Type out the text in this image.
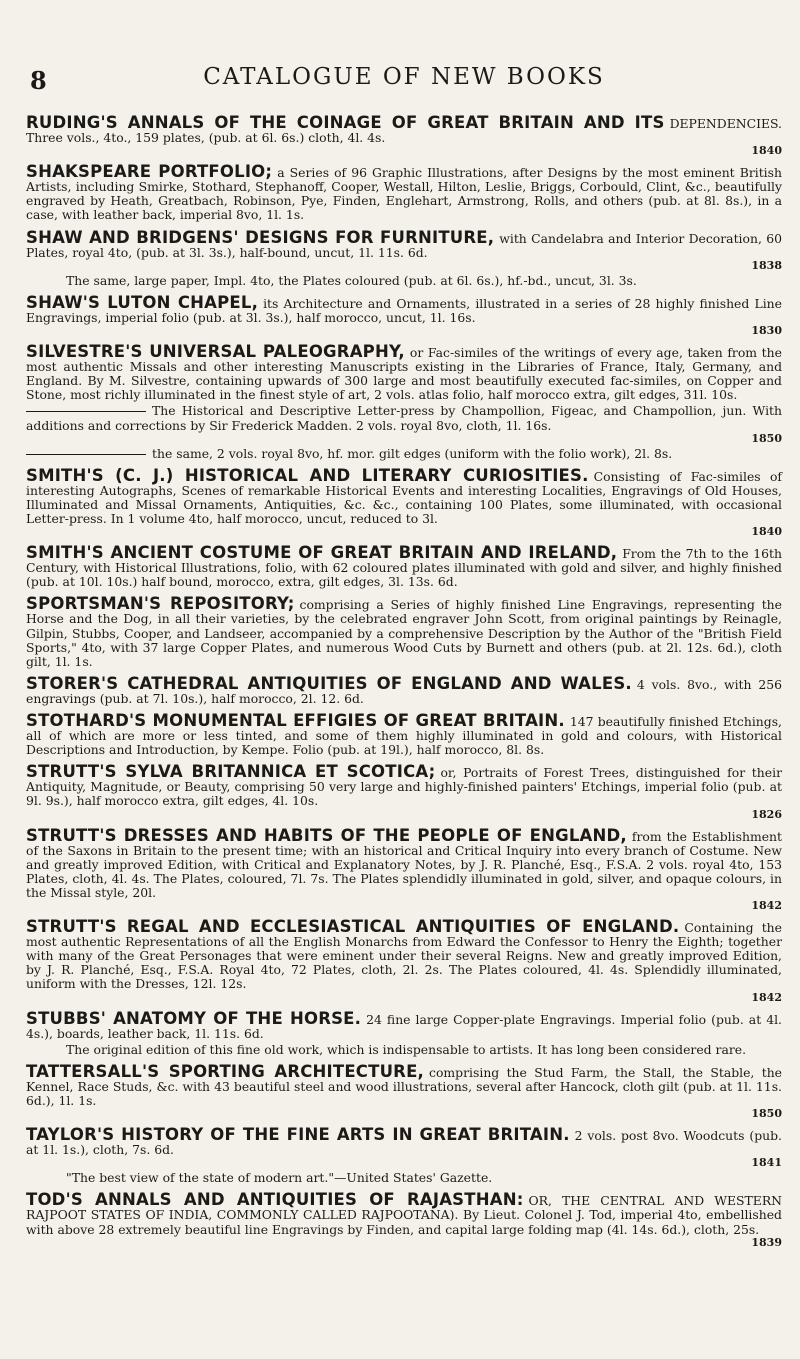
8	CATALOGUE OF NEW BOOKS

RUDING'S ANNALS OF THE COINAGE OF GREAT BRITAIN AND ITS DEPENDENCIES. Three vols., 4to., 159 plates, (pub. at 6l. 6s.) cloth, 4l. 4s.
1840

SHAKSPEARE PORTFOLIO; a Series of 96 Graphic Illustrations, after Designs by the most eminent British Artists, including Smirke, Stothard, Stephanoff, Cooper, Westall, Hilton, Leslie, Briggs, Corbould, Clint, &c., beautifully engraved by Heath, Greatbach, Robinson, Pye, Finden, Englehart, Armstrong, Rolls, and others (pub. at 8l. 8s.), in a case, with leather back, imperial 8vo, 1l. 1s.

SHAW AND BRIDGENS' DESIGNS FOR FURNITURE, with Candelabra and Interior Decoration, 60 Plates, royal 4to, (pub. at 3l. 3s.), half-bound, uncut, 1l. 11s. 6d.
1838

The same, large paper, Impl. 4to, the Plates coloured (pub. at 6l. 6s.), hf.-bd., uncut, 3l. 3s.

SHAW'S LUTON CHAPEL, its Architecture and Ornaments, illustrated in a series of 28 highly finished Line Engravings, imperial folio (pub. at 3l. 3s.), half morocco, uncut, 1l. 16s.
1830

SILVESTRE'S UNIVERSAL PALEOGRAPHY, or Fac-similes of the writings of every age, taken from the most authentic Missals and other interesting Manuscripts existing in the Libraries of France, Italy, Germany, and England. By M. Silvestre, containing upwards of 300 large and most beautifully executed fac-similes, on Copper and Stone, most richly illuminated in the finest style of art, 2 vols. atlas folio, half morocco extra, gilt edges, 31l. 10s.

The Historical and Descriptive Letter-press by Champollion, Figeac, and Champollion, jun. With additions and corrections by Sir Frederick Madden. 2 vols. royal 8vo, cloth, 1l. 16s.
1850

the same, 2 vols. royal 8vo, hf. mor. gilt edges (uniform with the folio work), 2l. 8s.

SMITH'S (C. J.) HISTORICAL AND LITERARY CURIOSITIES. Consisting of Fac-similes of interesting Autographs, Scenes of remarkable Historical Events and interesting Localities, Engravings of Old Houses, Illuminated and Missal Ornaments, Antiquities, &c. &c., containing 100 Plates, some illuminated, with occasional Letter-press. In 1 volume 4to, half morocco, uncut, reduced to 3l.
1840

SMITH'S ANCIENT COSTUME OF GREAT BRITAIN AND IRELAND, From the 7th to the 16th Century, with Historical Illustrations, folio, with 62 coloured plates illuminated with gold and silver, and highly finished (pub. at 10l. 10s.) half bound, morocco, extra, gilt edges, 3l. 13s. 6d.

SPORTSMAN'S REPOSITORY; comprising a Series of highly finished Line Engravings, representing the Horse and the Dog, in all their varieties, by the celebrated engraver John Scott, from original paintings by Reinagle, Gilpin, Stubbs, Cooper, and Landseer, accompanied by a comprehensive Description by the Author of the "British Field Sports," 4to, with 37 large Copper Plates, and numerous Wood Cuts by Burnett and others (pub. at 2l. 12s. 6d.), cloth gilt, 1l. 1s.

STORER'S CATHEDRAL ANTIQUITIES OF ENGLAND AND WALES. 4 vols. 8vo., with 256 engravings (pub. at 7l. 10s.), half morocco, 2l. 12. 6d.

STOTHARD'S MONUMENTAL EFFIGIES OF GREAT BRITAIN. 147 beautifully finished Etchings, all of which are more or less tinted, and some of them highly illuminated in gold and colours, with Historical Descriptions and Introduction, by Kempe. Folio (pub. at 19l.), half morocco, 8l. 8s.

STRUTT'S SYLVA BRITANNICA ET SCOTICA; or, Portraits of Forest Trees, distinguished for their Antiquity, Magnitude, or Beauty, comprising 50 very large and highly-finished painters' Etchings, imperial folio (pub. at 9l. 9s.), half morocco extra, gilt edges, 4l. 10s.
1826

STRUTT'S DRESSES AND HABITS OF THE PEOPLE OF ENGLAND, from the Establishment of the Saxons in Britain to the present time; with an historical and Critical Inquiry into every branch of Costume. New and greatly improved Edition, with Critical and Explanatory Notes, by J. R. Planché, Esq., F.S.A. 2 vols. royal 4to, 153 Plates, cloth, 4l. 4s. The Plates, coloured, 7l. 7s. The Plates splendidly illuminated in gold, silver, and opaque colours, in the Missal style, 20l.
1842

STRUTT'S REGAL AND ECCLESIASTICAL ANTIQUITIES OF ENGLAND. Containing the most authentic Representations of all the English Monarchs from Edward the Confessor to Henry the Eighth; together with many of the Great Personages that were eminent under their several Reigns. New and greatly improved Edition, by J. R. Planché, Esq., F.S.A. Royal 4to, 72 Plates, cloth, 2l. 2s. The Plates coloured, 4l. 4s. Splendidly illuminated, uniform with the Dresses, 12l. 12s.
1842

STUBBS' ANATOMY OF THE HORSE. 24 fine large Copper-plate Engravings. Imperial folio (pub. at 4l. 4s.), boards, leather back, 1l. 11s. 6d.

The original edition of this fine old work, which is indispensable to artists. It has long been considered rare.

TATTERSALL'S SPORTING ARCHITECTURE, comprising the Stud Farm, the Stall, the Stable, the Kennel, Race Studs, &c. with 43 beautiful steel and wood illustrations, several after Hancock, cloth gilt (pub. at 1l. 11s. 6d.), 1l. 1s.
1850

TAYLOR'S HISTORY OF THE FINE ARTS IN GREAT BRITAIN. 2 vols. post 8vo. Woodcuts (pub. at 1l. 1s.), cloth, 7s. 6d.
1841

"The best view of the state of modern art."—United States' Gazette.

TOD'S ANNALS AND ANTIQUITIES OF RAJASTHAN: OR, THE CENTRAL AND WESTERN RAJPOOT STATES OF INDIA, COMMONLY CALLED RAJPOOTANA). By Lieut. Colonel J. Tod, imperial 4to, embellished with above 28 extremely beautiful line Engravings by Finden, and capital large folding map (4l. 14s. 6d.), cloth, 25s.
1839
